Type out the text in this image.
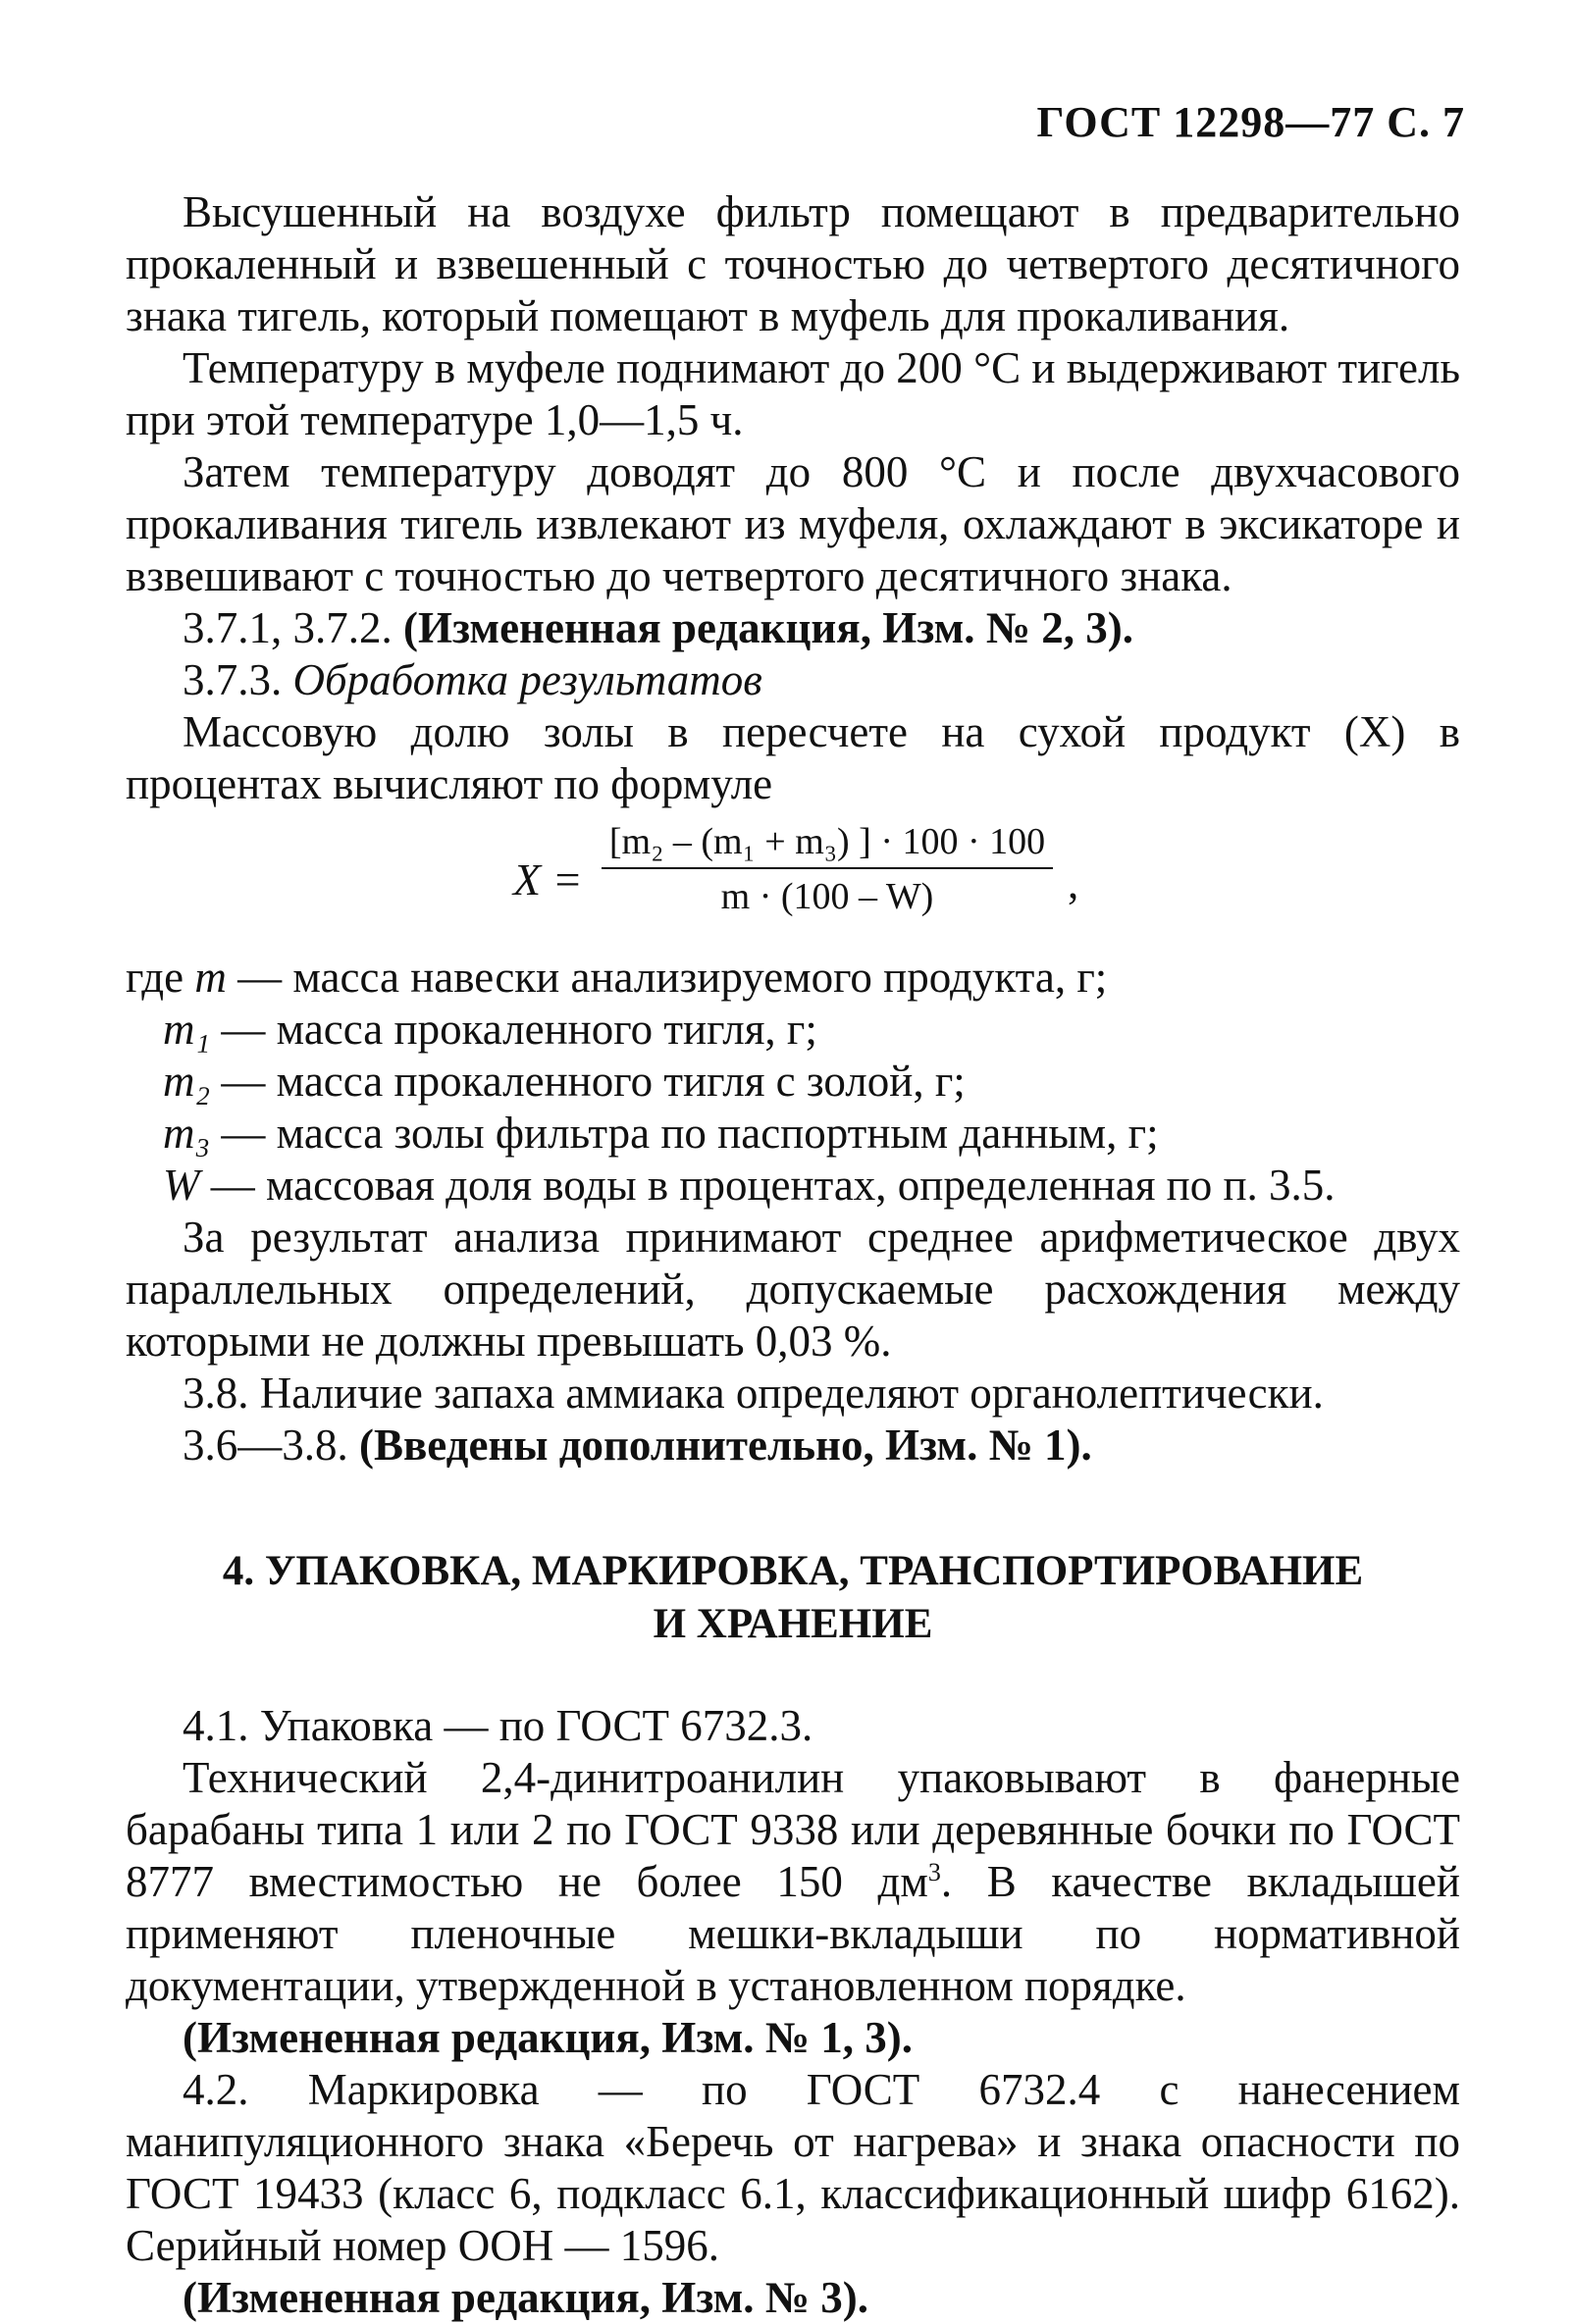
ГОСТ 12298—77 С. 7

Высушенный на воздухе фильтр помещают в предварительно прокаленный и взвешенный с точностью до четвертого десятичного знака тигель, который помещают в муфель для прокаливания.

Температуру в муфеле поднимают до 200 °С и выдерживают тигель при этой температуре 1,0—1,5 ч.

Затем температуру доводят до 800 °С и после двухчасового прокаливания тигель извлекают из муфеля, охлаждают в эксикаторе и взвешивают с точностью до четвертого десятичного знака.

3.7.1, 3.7.2. (Измененная редакция, Изм. № 2, 3).

3.7.3. Обработка результатов

Массовую долю золы в пересчете на сухой продукт (X) в процентах вычисляют по формуле

$X = \frac{\text{[m₂ – (m₁ + m₃) ] · 100 · 100}}{m \cdot (100 - W)}$ ,
где m — масса навески анализируемого продукта, г;
m₁ — масса прокаленного тигля, г;
m₂ — масса прокаленного тигля с золой, г;
m₃ — масса золы фильтра по паспортным данным, г;
W — массовая доля воды в процентах, определенная по п. 3.5.

За результат анализа принимают среднее арифметическое двух параллельных определений, допускаемые расхождения между которыми не должны превышать 0,03 %.

3.8. Наличие запаха аммиака определяют органолептически.

3.6—3.8. (Введены дополнительно, Изм. № 1).

4. УПАКОВКА, МАРКИРОВКА, ТРАНСПОРТИРОВАНИЕ
И ХРАНЕНИЕ

4.1. Упаковка — по ГОСТ 6732.3.

Технический 2,4-динитроанилин упаковывают в фанерные барабаны типа 1 или 2 по ГОСТ 9338 или деревянные бочки по ГОСТ 8777 вместимостью не более 150 $дм^3$. В качестве вкладышей применяют пленочные мешки-вкладыши по нормативной документации, утвержденной в установленном порядке.

(Измененная редакция, Изм. № 1, 3).

4.2. Маркировка — по ГОСТ 6732.4 с нанесением манипуляционного знака «Беречь от нагрева» и знака опасности по ГОСТ 19433 (класс 6, подкласс 6.1, классификационный шифр 6162). Серийный номер ООН — 1596.

(Измененная редакция, Изм. № 3).
